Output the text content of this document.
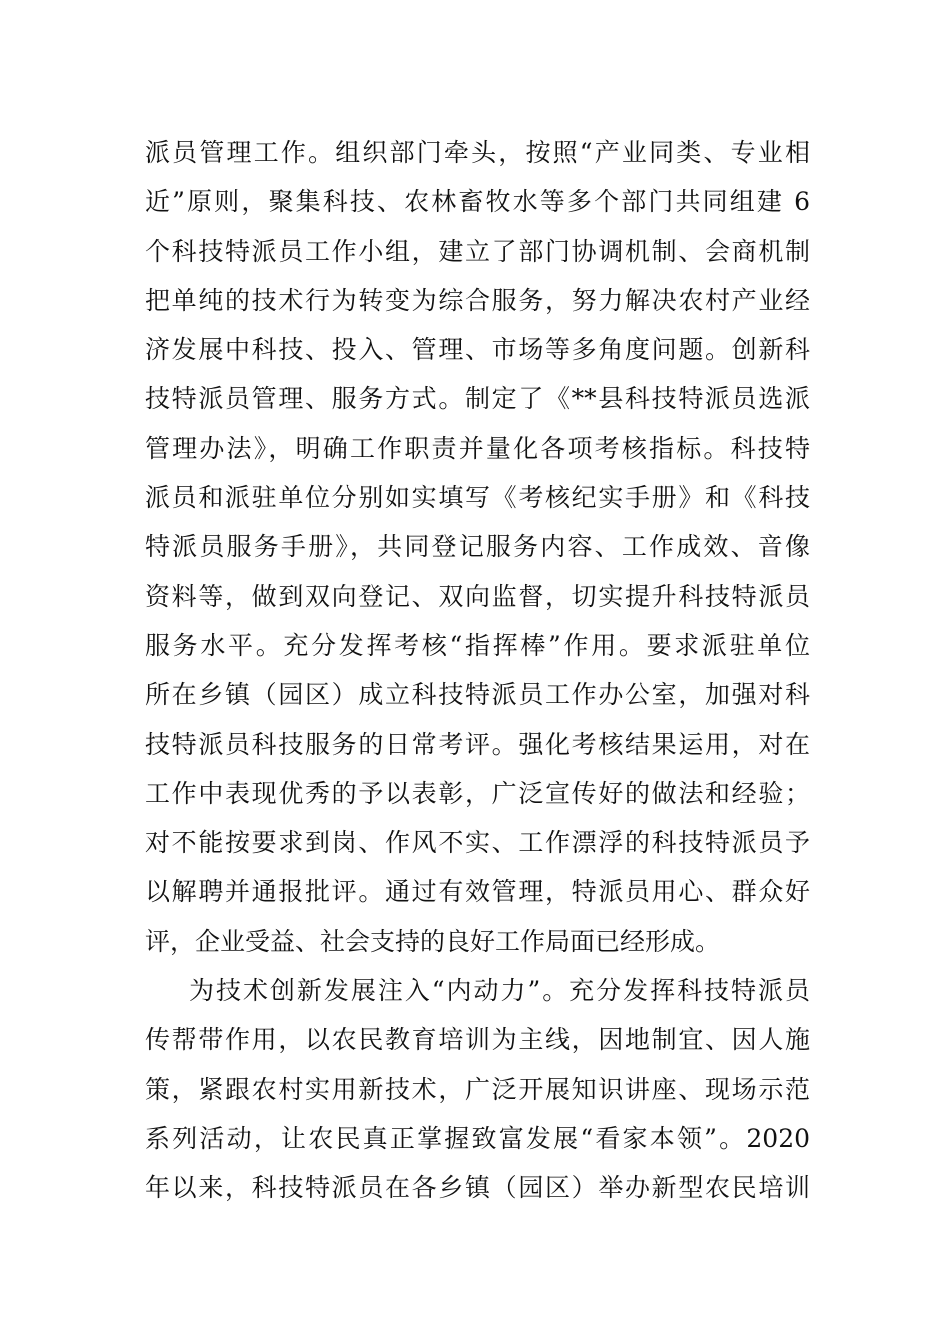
派员管理工作。组织部门牵头，按照“产业同类、专业相
近”原则，聚集科技、农林畜牧水等多个部门共同组建 6
个科技特派员工作小组，建立了部门协调机制、会商机制
把单纯的技术行为转变为综合服务，努力解决农村产业经
济发展中科技、投入、管理、市场等多角度问题。创新科
技特派员管理、服务方式。制定了《**县科技特派员选派
管理办法》，明确工作职责并量化各项考核指标。科技特
派员和派驻单位分别如实填写《考核纪实手册》和《科技
特派员服务手册》，共同登记服务内容、工作成效、音像
资料等，做到双向登记、双向监督，切实提升科技特派员
服务水平。充分发挥考核“指挥棒”作用。要求派驻单位
所在乡镇（园区）成立科技特派员工作办公室，加强对科
技特派员科技服务的日常考评。强化考核结果运用，对在
工作中表现优秀的予以表彰，广泛宣传好的做法和经验；
对不能按要求到岗、作风不实、工作漂浮的科技特派员予
以解聘并通报批评。通过有效管理，特派员用心、群众好
评，企业受益、社会支持的良好工作局面已经形成。
为技术创新发展注入“内动力”。充分发挥科技特派员
传帮带作用，以农民教育培训为主线，因地制宜、因人施
策，紧跟农村实用新技术，广泛开展知识讲座、现场示范
系列活动，让农民真正掌握致富发展“看家本领”。2020
年以来，科技特派员在各乡镇（园区）举办新型农民培训
